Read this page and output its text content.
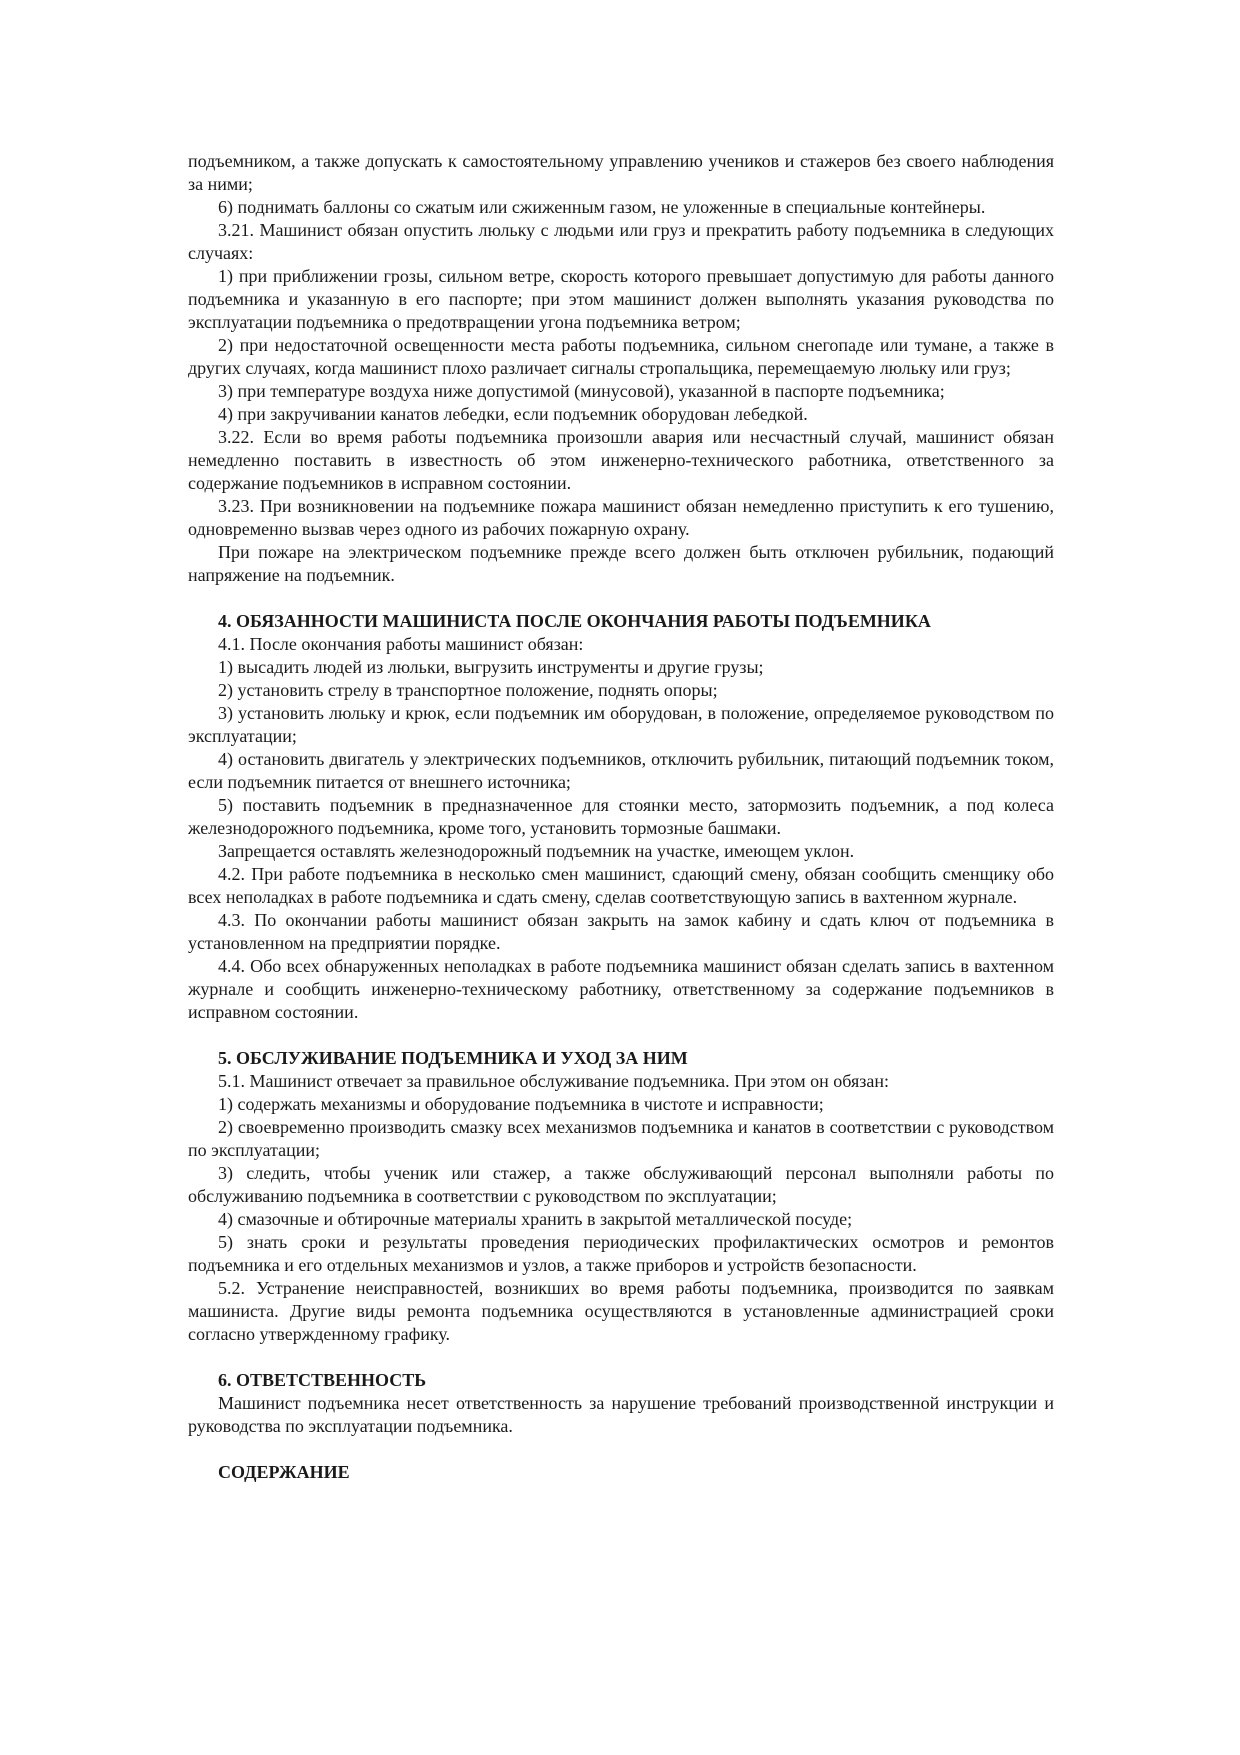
подъемником, а также допускать к самостоятельному управлению учеников и стажеров без своего наблюдения за ними;

6) поднимать баллоны со сжатым или сжиженным газом, не уложенные в специальные контейнеры.

3.21. Машинист обязан опустить люльку с людьми или груз и прекратить работу подъемника в следующих случаях:

1) при приближении грозы, сильном ветре, скорость которого превышает допустимую для работы данного подъемника и указанную в его паспорте; при этом машинист должен выполнять указания руководства по эксплуатации подъемника о предотвращении угона подъемника ветром;

2) при недостаточной освещенности места работы подъемника, сильном снегопаде или тумане, а также в других случаях, когда машинист плохо различает сигналы стропальщика, перемещаемую люльку или груз;

3) при температуре воздуха ниже допустимой (минусовой), указанной в паспорте подъемника;

4) при закручивании канатов лебедки, если подъемник оборудован лебедкой.

3.22. Если во время работы подъемника произошли авария или несчастный случай, машинист обязан немедленно поставить в известность об этом инженерно-технического работника, ответственного за содержание подъемников в исправном состоянии.

3.23. При возникновении на подъемнике пожара машинист обязан немедленно приступить к его тушению, одновременно вызвав через одного из рабочих пожарную охрану.

При пожаре на электрическом подъемнике прежде всего должен быть отключен рубильник, подающий напряжение на подъемник.

4. ОБЯЗАННОСТИ МАШИНИСТА ПОСЛЕ ОКОНЧАНИЯ РАБОТЫ ПОДЪЕМНИКА

4.1. После окончания работы машинист обязан:

1) высадить людей из люльки, выгрузить инструменты и другие грузы;

2) установить стрелу в транспортное положение, поднять опоры;

3) установить люльку и крюк, если подъемник им оборудован, в положение, определяемое руководством по эксплуатации;

4) остановить двигатель у электрических подъемников, отключить рубильник, питающий подъемник током, если подъемник питается от внешнего источника;

5) поставить подъемник в предназначенное для стоянки место, затормозить подъемник, а под колеса железнодорожного подъемника, кроме того, установить тормозные башмаки.

Запрещается оставлять железнодорожный подъемник на участке, имеющем уклон.

4.2. При работе подъемника в несколько смен машинист, сдающий смену, обязан сообщить сменщику обо всех неполадках в работе подъемника и сдать смену, сделав соответствующую запись в вахтенном журнале.

4.3. По окончании работы машинист обязан закрыть на замок кабину и сдать ключ от подъемника в установленном на предприятии порядке.

4.4. Обо всех обнаруженных неполадках в работе подъемника машинист обязан сделать запись в вахтенном журнале и сообщить инженерно-техническому работнику, ответственному за содержание подъемников в исправном состоянии.

5. ОБСЛУЖИВАНИЕ ПОДЪЕМНИКА И УХОД ЗА НИМ

5.1. Машинист отвечает за правильное обслуживание подъемника. При этом он обязан:

1) содержать механизмы и оборудование подъемника в чистоте и исправности;

2) своевременно производить смазку всех механизмов подъемника и канатов в соответствии с руководством по эксплуатации;

3) следить, чтобы ученик или стажер, а также обслуживающий персонал выполняли работы по обслуживанию подъемника в соответствии с руководством по эксплуатации;

4) смазочные и обтирочные материалы хранить в закрытой металлической посуде;

5) знать сроки и результаты проведения периодических профилактических осмотров и ремонтов подъемника и его отдельных механизмов и узлов, а также приборов и устройств безопасности.

5.2. Устранение неисправностей, возникших во время работы подъемника, производится по заявкам машиниста. Другие виды ремонта подъемника осуществляются в установленные администрацией сроки согласно утвержденному графику.

6. ОТВЕТСТВЕННОСТЬ

Машинист подъемника несет ответственность за нарушение требований производственной инструкции и руководства по эксплуатации подъемника.

СОДЕРЖАНИЕ
